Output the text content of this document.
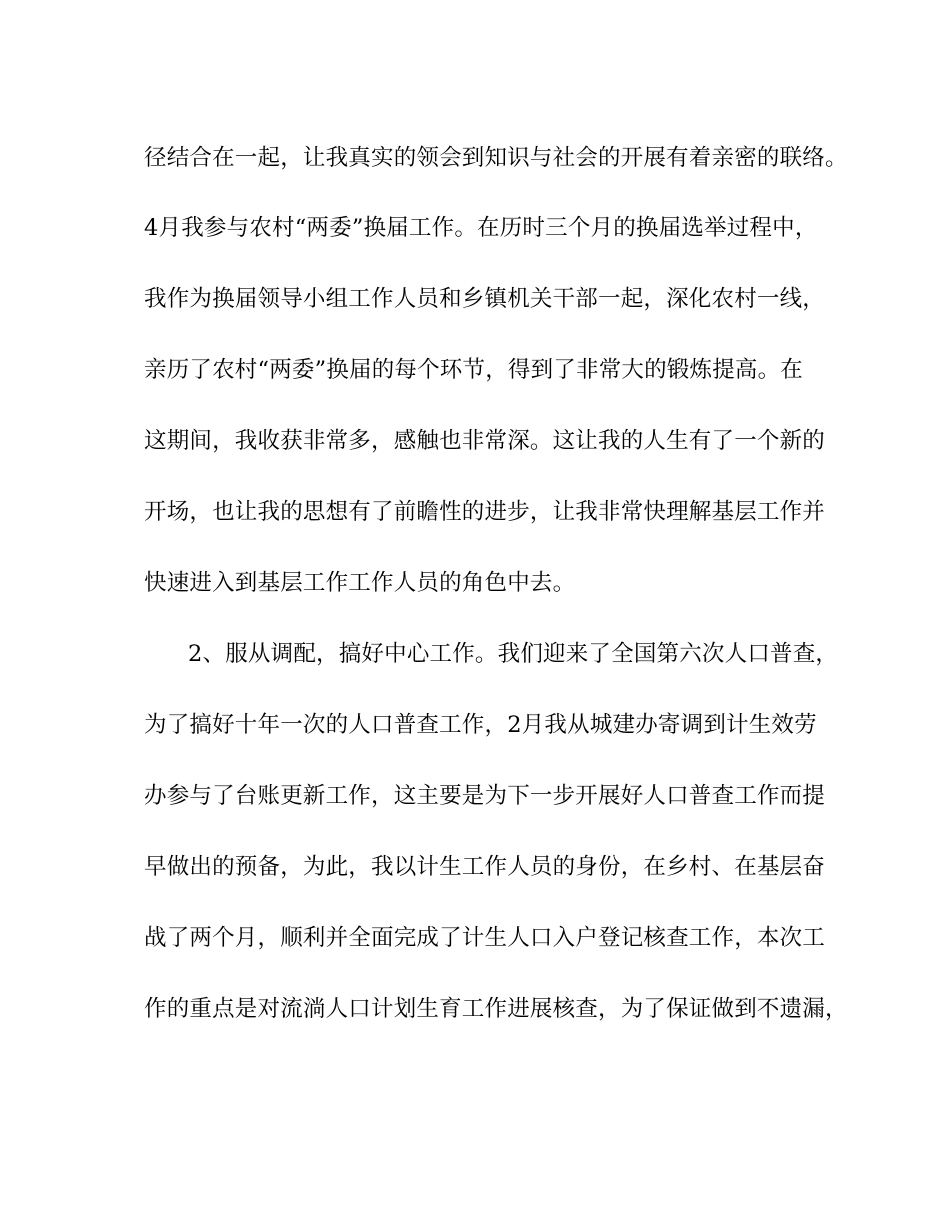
径结合在一起，让我真实的领会到知识与社会的开展有着亲密的联络。
4月我参与农村“两委”换届工作。在历时三个月的换届选举过程中，
我作为换届领导小组工作人员和乡镇机关干部一起，深化农村一线，
亲历了农村“两委”换届的每个环节，得到了非常大的锻炼提高。在
这期间，我收获非常多，感触也非常深。这让我的人生有了一个新的
开场，也让我的思想有了前瞻性的进步，让我非常快理解基层工作并
快速进入到基层工作工作人员的角色中去。
2、服从调配，搞好中心工作。我们迎来了全国第六次人口普查，
为了搞好十年一次的人口普查工作，2月我从城建办寄调到计生效劳
办参与了台账更新工作，这主要是为下一步开展好人口普查工作而提
早做出的预备，为此，我以计生工作人员的身份，在乡村、在基层奋
战了两个月，顺利并全面完成了计生人口入户登记核查工作，本次工
作的重点是对流淌人口计划生育工作进展核查，为了保证做到不遗漏，
